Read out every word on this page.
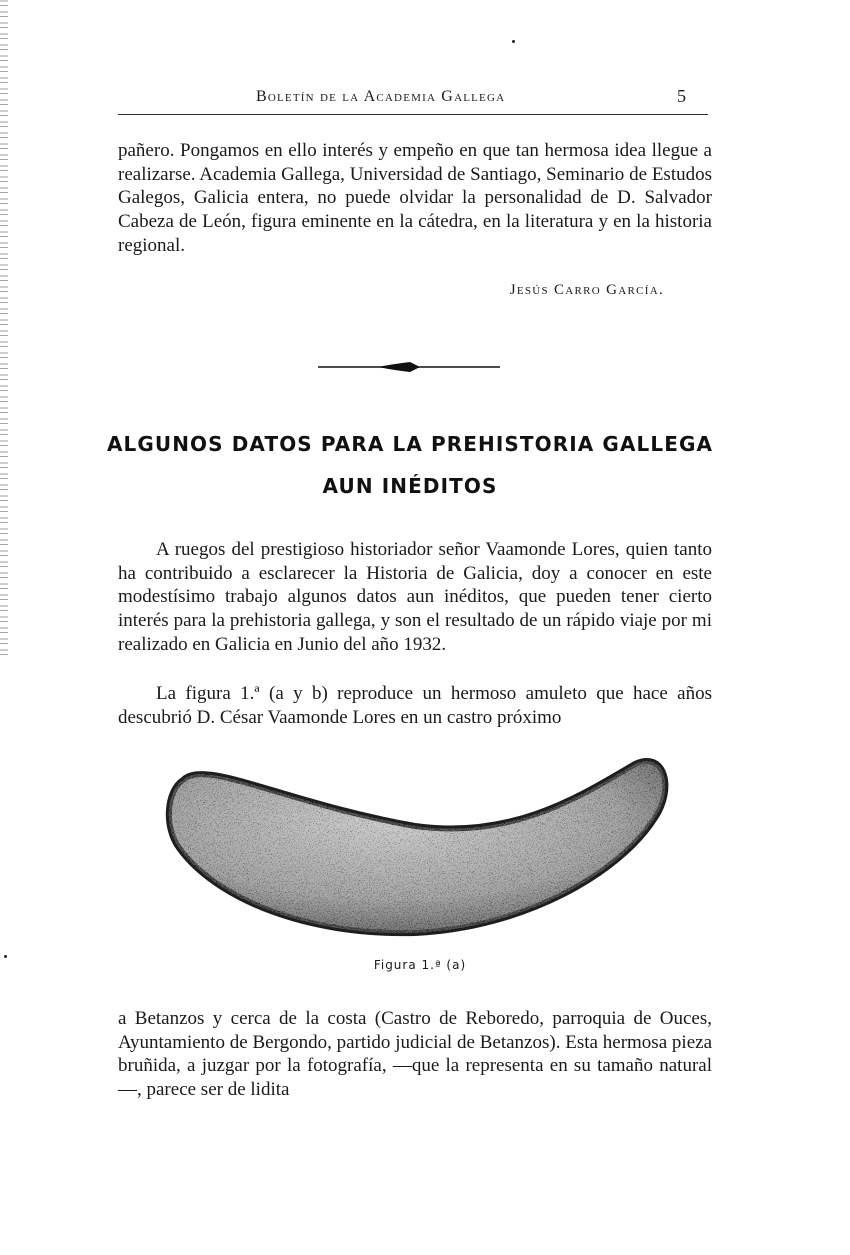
Boletín de la Academia Gallega	5

pañero. Pongamos en ello interés y empeño en que tan hermosa idea llegue a realizarse. Academia Gallega, Universidad de Santiago, Seminario de Estudos Galegos, Galicia entera, no puede olvidar la personalidad de D. Salvador Cabeza de León, figura eminente en la cátedra, en la literatura y en la historia regional.

Jesús Carro García.
ALGUNOS DATOS PARA LA PREHISTORIA GALLEGA
AUN INÉDITOS

A ruegos del prestigioso historiador señor Vaamonde Lores, quien tanto ha contribuido a esclarecer la Historia de Galicia, doy a conocer en este modestísimo trabajo algunos datos aun inéditos, que pueden tener cierto interés para la prehistoria gallega, y son el resultado de un rápido viaje por mi realizado en Galicia en Junio del año 1932.

La figura 1.ª (a y b) reproduce un hermoso amuleto que hace años descubrió D. César Vaamonde Lores en un castro próximo

Figura 1.ª (a)

a Betanzos y cerca de la costa (Castro de Reboredo, parroquia de Ouces, Ayuntamiento de Bergondo, partido judicial de Betanzos). Esta hermosa pieza bruñida, a juzgar por la fotografía, —que la representa en su tamaño natural—, parece ser de lidita
